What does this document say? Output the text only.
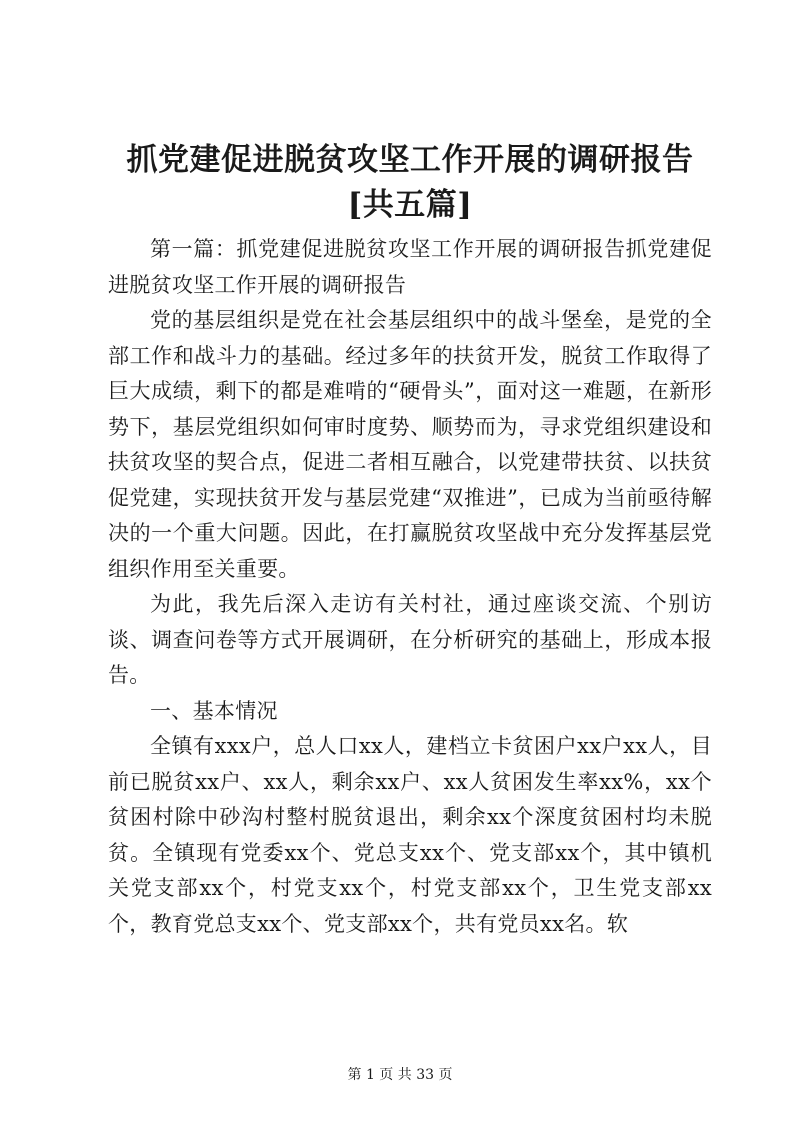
抓党建促进脱贫攻坚工作开展的调研报告[共五篇]

第一篇：抓党建促进脱贫攻坚工作开展的调研报告抓党建促进脱贫攻坚工作开展的调研报告

党的基层组织是党在社会基层组织中的战斗堡垒，是党的全部工作和战斗力的基础。经过多年的扶贫开发，脱贫工作取得了巨大成绩，剩下的都是难啃的“硬骨头”，面对这一难题，在新形势下，基层党组织如何审时度势、顺势而为，寻求党组织建设和扶贫攻坚的契合点，促进二者相互融合，以党建带扶贫、以扶贫促党建，实现扶贫开发与基层党建“双推进”，已成为当前亟待解决的一个重大问题。因此，在打赢脱贫攻坚战中充分发挥基层党组织作用至关重要。

为此，我先后深入走访有关村社，通过座谈交流、个别访谈、调查问卷等方式开展调研，在分析研究的基础上，形成本报告。

一、基本情况

全镇有xxx户，总人口xx人，建档立卡贫困户xx户xx人，目前已脱贫xx户、xx人，剩余xx户、xx人贫困发生率xx%，xx个贫困村除中砂沟村整村脱贫退出，剩余xx个深度贫困村均未脱贫。全镇现有党委xx个、党总支xx个、党支部xx个，其中镇机关党支部xx个，村党支xx个，村党支部xx个，卫生党支部xx个，教育党总支xx个、党支部xx个，共有党员xx名。软

第 1 页 共 33 页
